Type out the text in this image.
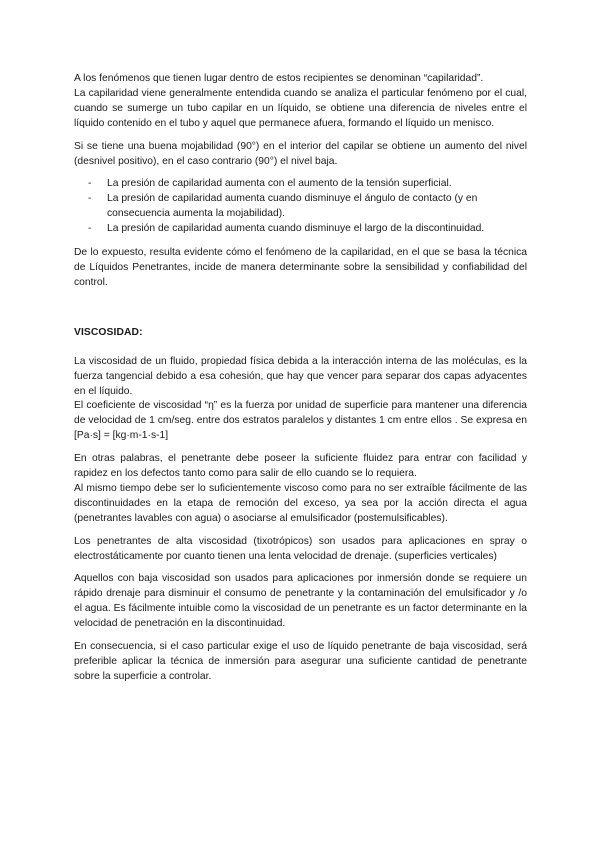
A los fenómenos que tienen lugar dentro de estos recipientes se denominan “capilaridad”.

La capilaridad viene generalmente entendida cuando se analiza el particular fenómeno por el cual, cuando se sumerge un tubo capilar en un líquido, se obtiene una diferencia de niveles entre el líquido contenido en el tubo y aquel que permanece afuera, formando el líquido un menisco.

Si se tiene una buena mojabilidad (90°) en el interior del capilar se obtiene un aumento del nivel (desnivel positivo), en el caso contrario (90°) el nivel baja.

- La presión de capilaridad aumenta con el aumento de la tensión superficial.
- La presión de capilaridad aumenta cuando disminuye el ángulo de contacto (y en consecuencia aumenta la mojabilidad).
- La presión de capilaridad aumenta cuando disminuye el largo de la discontinuidad.

De lo expuesto, resulta evidente cómo el fenómeno de la capilaridad, en el que se basa la técnica de Líquidos Penetrantes, incide de manera determinante sobre la sensibilidad y confiabilidad del control.

VISCOSIDAD:

La viscosidad de un fluido, propiedad física debida a la interacción interna de las moléculas, es la fuerza tangencial debido a esa cohesión, que hay que vencer para separar dos capas adyacentes en el líquido.

El coeficiente de viscosidad “η” es la fuerza por unidad de superficie para mantener una diferencia de velocidad de 1 cm/seg. entre dos estratos paralelos y distantes 1 cm entre ellos . Se expresa en [Pa·s] = [kg·m-1·s-1]

En otras palabras, el penetrante debe poseer la suficiente fluidez para entrar con facilidad y rapidez en los defectos tanto como para salir de ello cuando se lo requiera.

Al mismo tiempo debe ser lo suficientemente viscoso como para no ser extraíble fácilmente de las discontinuidades en la etapa de remoción del exceso, ya sea por la acción directa el agua (penetrantes lavables con agua) o asociarse al emulsificador (postemulsificables).

Los penetrantes de alta viscosidad (tixotrópicos) son usados para aplicaciones en spray o electrostáticamente por cuanto tienen una lenta velocidad de drenaje. (superficies verticales)

Aquellos con baja viscosidad son usados para aplicaciones por inmersión donde se requiere un rápido drenaje para disminuir el consumo de penetrante y la contaminación del emulsificador y /o el agua. Es fácilmente intuible como la viscosidad de un penetrante es un factor determinante en la velocidad de penetración en la discontinuidad.

En consecuencia, si el caso particular exige el uso de líquido penetrante de baja viscosidad, será preferible aplicar la técnica de inmersión para asegurar una suficiente cantidad de penetrante sobre la superficie a controlar.
